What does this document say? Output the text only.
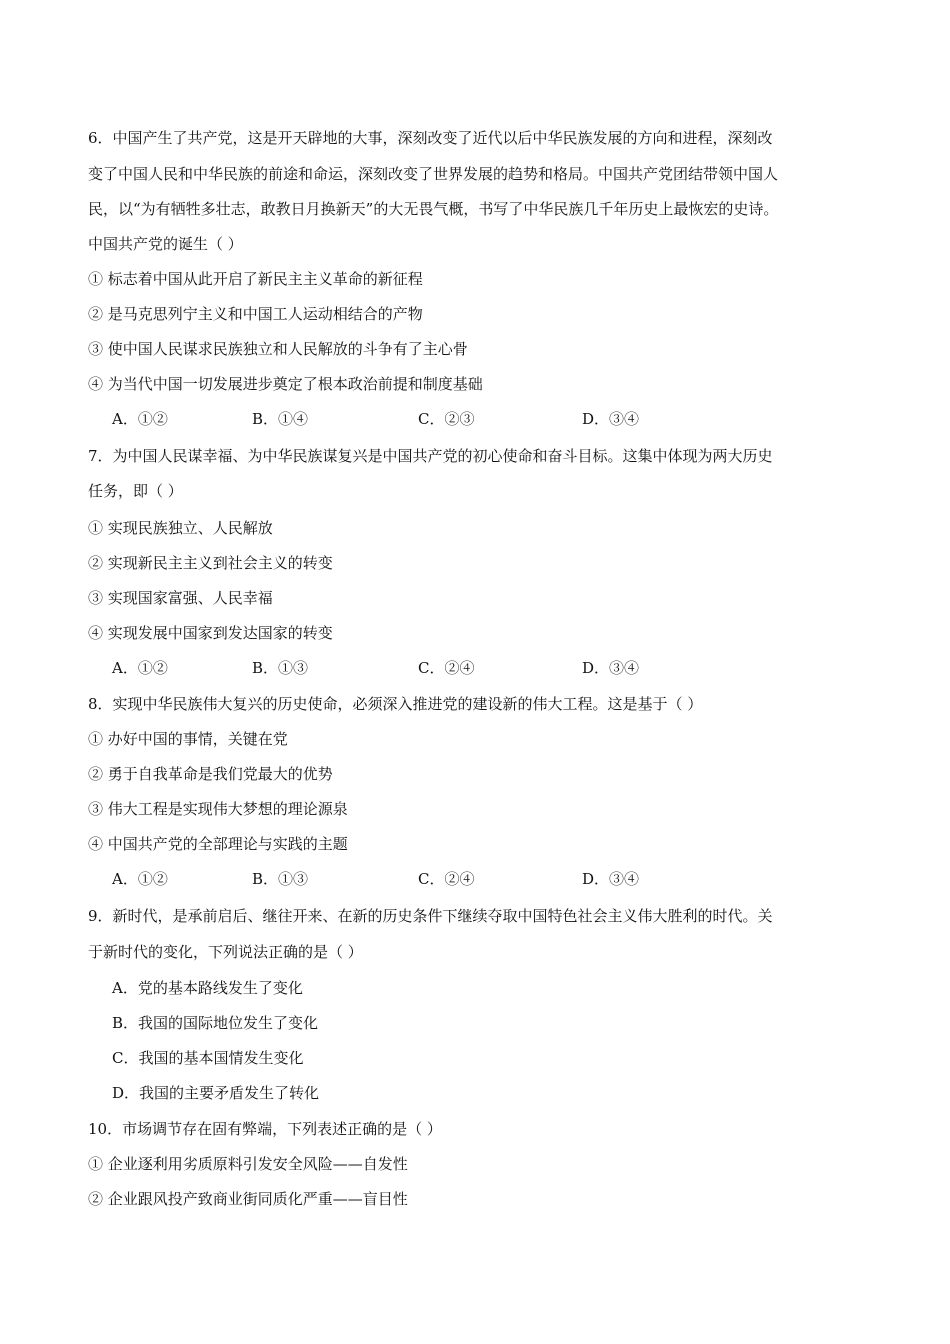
6．中国产生了共产党，这是开天辟地的大事，深刻改变了近代以后中华民族发展的方向和进程，深刻改
变了中国人民和中华民族的前途和命运，深刻改变了世界发展的趋势和格局。中国共产党团结带领中国人
民，以“为有牺牲多壮志，敢教日月换新天”的大无畏气概，书写了中华民族几千年历史上最恢宏的史诗。
中国共产党的诞生（ ）
① 标志着中国从此开启了新民主主义革命的新征程
② 是马克思列宁主义和中国工人运动相结合的产物
③ 使中国人民谋求民族独立和人民解放的斗争有了主心骨
④ 为当代中国一切发展进步奠定了根本政治前提和制度基础
A．①②	B．①④	C．②③	D．③④
7．为中国人民谋幸福、为中华民族谋复兴是中国共产党的初心使命和奋斗目标。这集中体现为两大历史
任务，即（ ）
① 实现民族独立、人民解放
② 实现新民主主义到社会主义的转变
③ 实现国家富强、人民幸福
④ 实现发展中国家到发达国家的转变
A．①②	B．①③	C．②④	D．③④
8．实现中华民族伟大复兴的历史使命，必须深入推进党的建设新的伟大工程。这是基于（ ）
① 办好中国的事情，关键在党
② 勇于自我革命是我们党最大的优势
③ 伟大工程是实现伟大梦想的理论源泉
④ 中国共产党的全部理论与实践的主题
A．①②	B．①③	C．②④	D．③④
9．新时代，是承前启后、继往开来、在新的历史条件下继续夺取中国特色社会主义伟大胜利的时代。关
于新时代的变化，下列说法正确的是（ ）
A．党的基本路线发生了变化
B．我国的国际地位发生了变化
C．我国的基本国情发生变化
D．我国的主要矛盾发生了转化
10．市场调节存在固有弊端，下列表述正确的是（ ）
① 企业逐利用劣质原料引发安全风险——自发性
② 企业跟风投产致商业街同质化严重——盲目性
